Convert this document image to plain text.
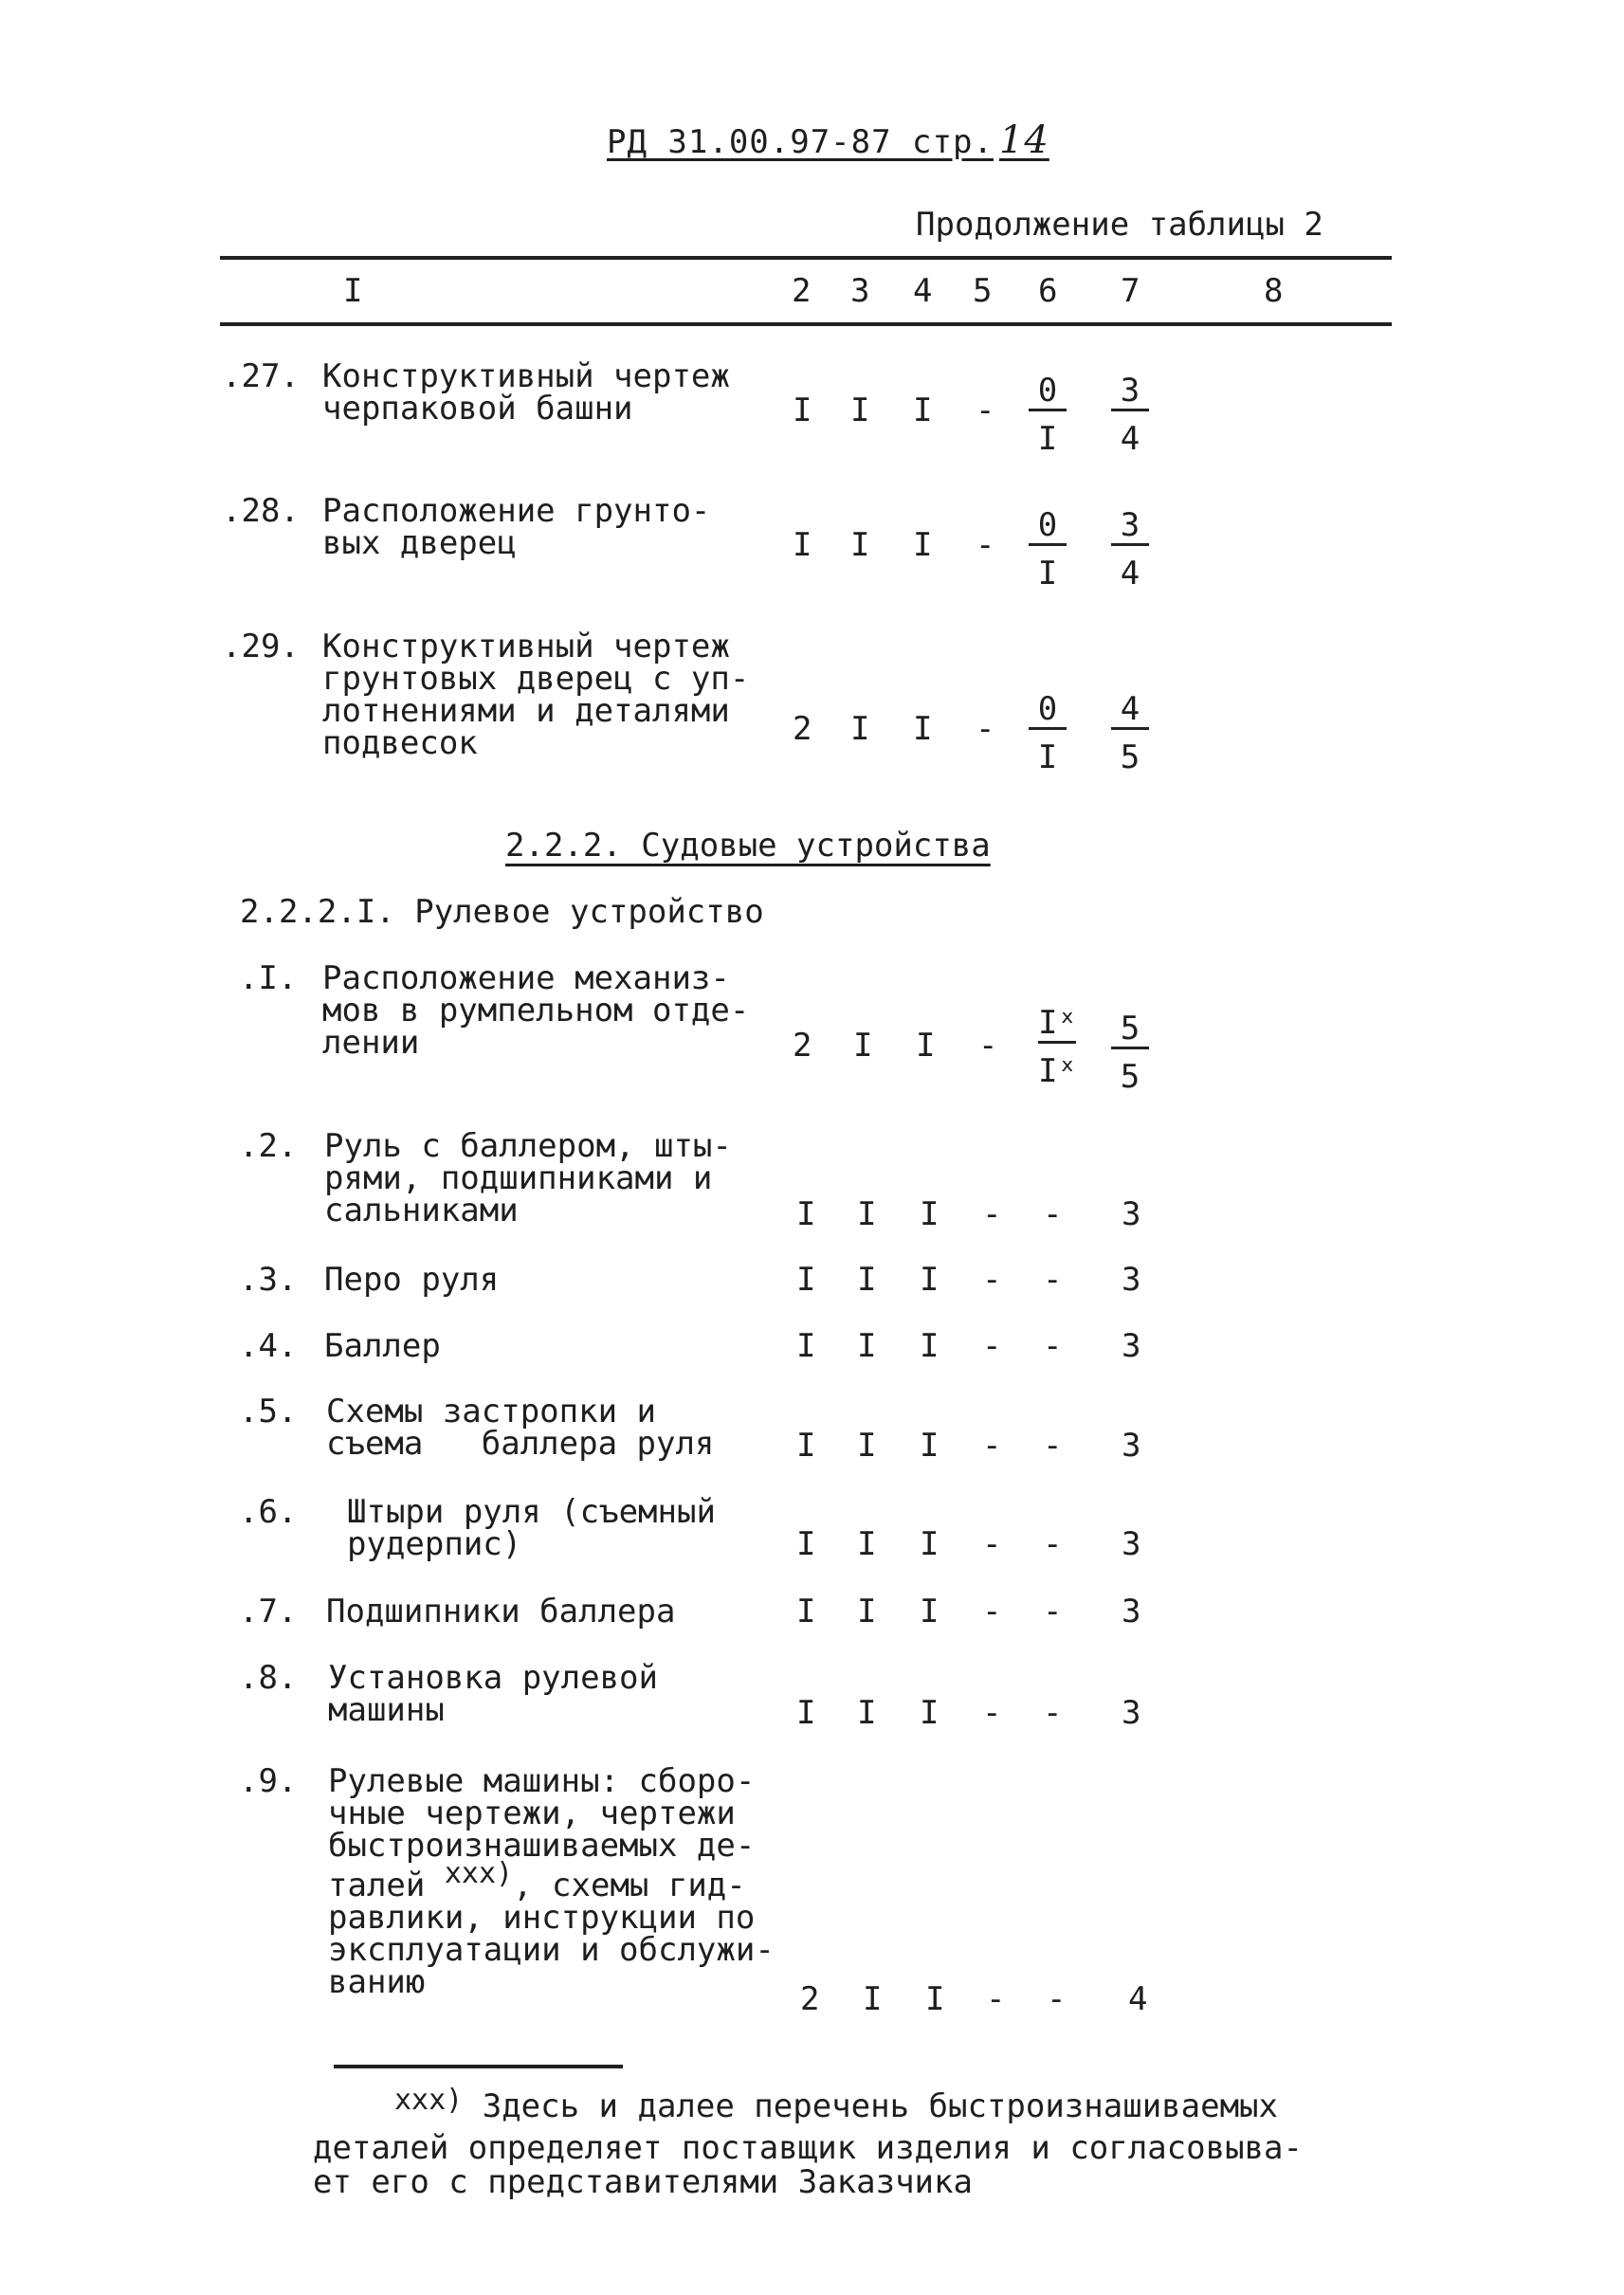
РД 31.00.97-87 стр. 14
Продолжение таблицы 2
I	2 3 4 5 6 7	8
.27. Конструктивный чертеж
черпаковой башни	I I I - $\frac{0}{I} \frac{3}{4}$
.28. Расположение грунто-
вых дверец	I I I - $\frac{0}{I} \frac{3}{4}$
.29. Конструктивный чертеж
грунтовых дверец с уп-
лотнениями и деталями
подвесок	2 I I - $\frac{0}{I} \frac{4}{5}$
2.2.2. Судовые устройства
2.2.2.I. Рулевое устройство
.I. Расположение механиз-
мов в румпельном отде-
лении	2 I I - $\frac{\text{Iˣ}}{\text{Iˣ}} \frac{5}{5}$
.2. Руль с баллером, шты-
рями, подшипниками и
сальниками	I I I - - 3
.3. Перо руля	I I I - - 3
.4. Баллер	I I I - - 3
.5. Схемы застропки и
съема   баллера руля	I I I - - 3
.6. Штыри руля (съемный
рудерпис)	I I I - - 3
.7. Подшипники баллера	I I I - - 3
.8. Установка рулевой
машины	I I I - - 3
.9. Рулевые машины: сборо-
чные чертежи, чертежи
быстроизнашиваемых де-
талей xxx), схемы гид-
равлики, инструкции по
эксплуатации и обслужи-
ванию	2 I I - - 4
xxx) Здесь и далее перечень быстроизнашиваемых
деталей определяет поставщик изделия и согласовыва-
ет его с представителями Заказчика
